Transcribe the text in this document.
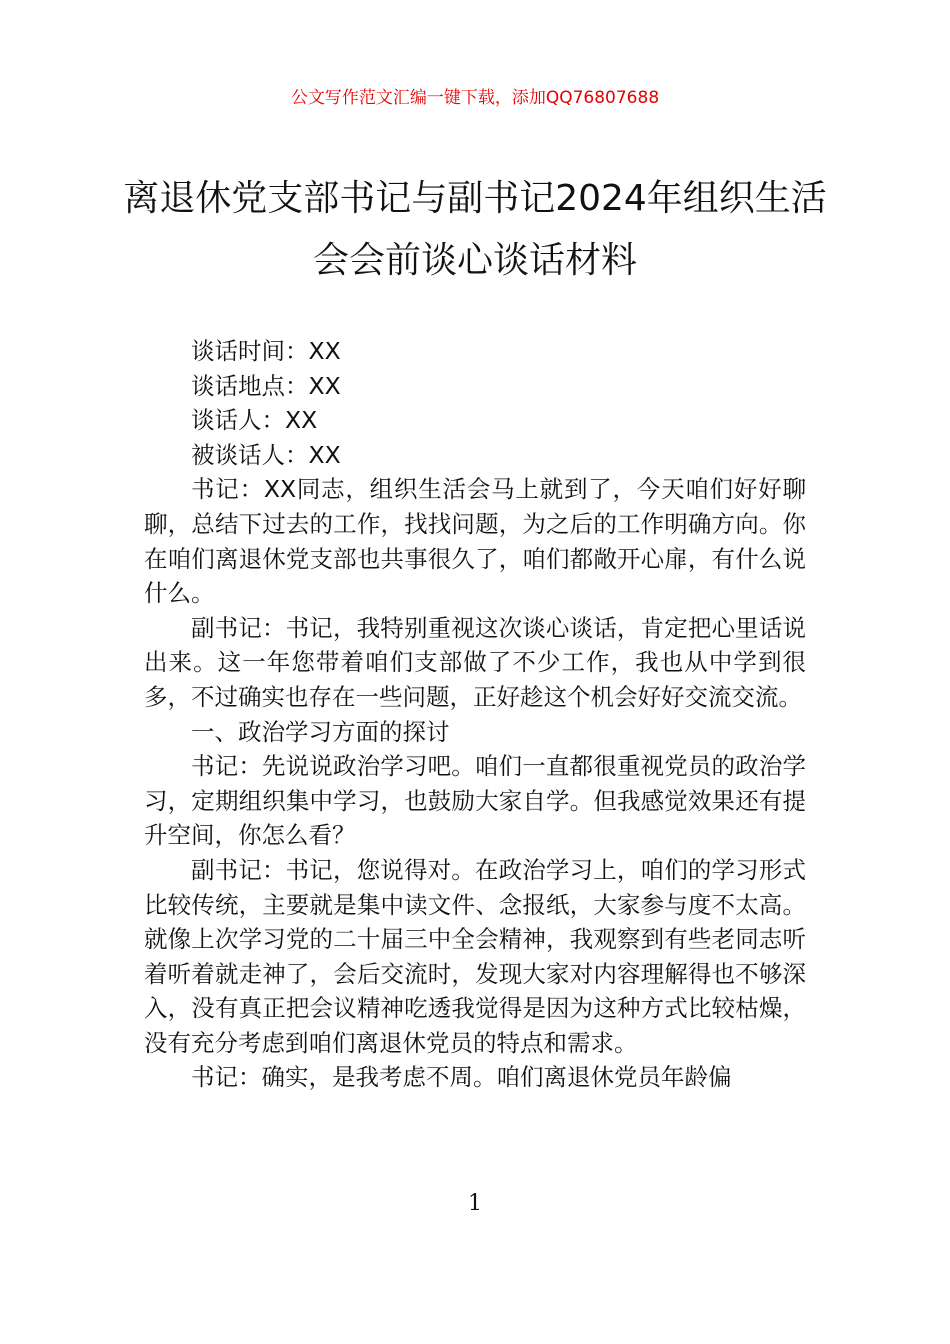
公文写作范文汇编一键下载，添加QQ76807688
离退休党支部书记与副书记2024年组织生活会会前谈心谈话材料

谈话时间：XX

谈话地点：XX

谈话人：XX

被谈话人：XX

书记：XX同志，组织生活会马上就到了，今天咱们好好聊聊，总结下过去的工作，找找问题，为之后的工作明确方向。你在咱们离退休党支部也共事很久了，咱们都敞开心扉，有什么说什么。

副书记：书记，我特别重视这次谈心谈话，肯定把心里话说出来。这一年您带着咱们支部做了不少工作，我也从中学到很多，不过确实也存在一些问题，正好趁这个机会好好交流交流。

一、政治学习方面的探讨

书记：先说说政治学习吧。咱们一直都很重视党员的政治学习，定期组织集中学习，也鼓励大家自学。但我感觉效果还有提升空间，你怎么看？

副书记：书记，您说得对。在政治学习上，咱们的学习形式比较传统，主要就是集中读文件、念报纸，大家参与度不太高。就像上次学习党的二十届三中全会精神，我观察到有些老同志听着听着就走神了，会后交流时，发现大家对内容理解得也不够深入，没有真正把会议精神吃透我觉得是因为这种方式比较枯燥，没有充分考虑到咱们离退休党员的特点和需求。

书记：确实，是我考虑不周。咱们离退休党员年龄偏

1
